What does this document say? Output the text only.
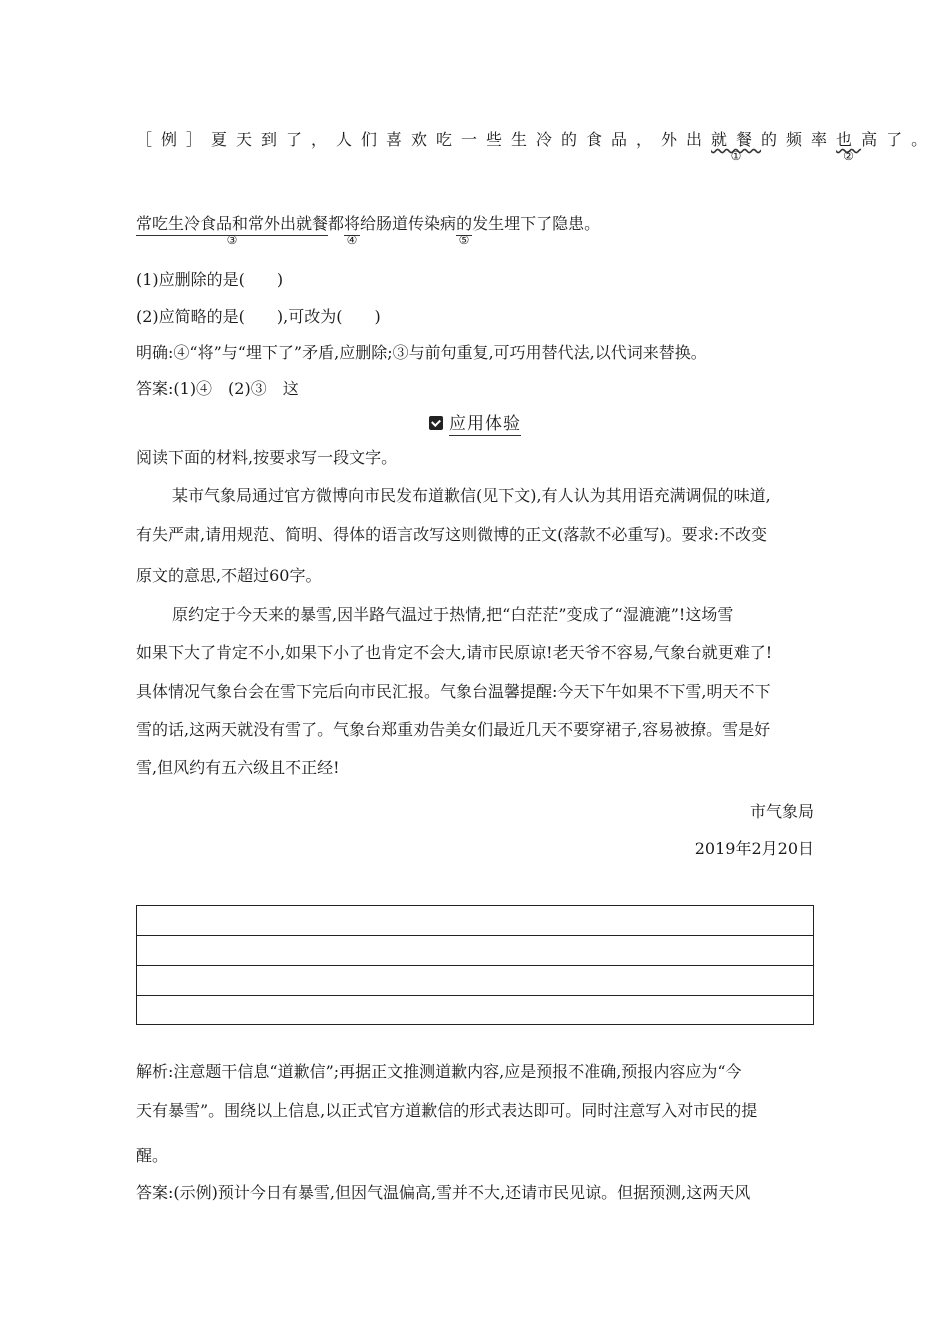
［例］夏天到了，人们喜欢吃一些生冷的食品，外出就餐
①
的频率也
②
高了。
常吃生冷食品和常外出就餐
③
都将
④
给肠道传染病的
⑤
发生埋下了隐患。
(1)应删除的是(　　)
(2)应简略的是(　　),可改为(　　)
明确:④“将”与“埋下了”矛盾,应删除;③与前句重复,可巧用替代法,以代词来替换。
答案:(1)④　(2)③　这
应用体验
阅读下面的材料,按要求写一段文字。
某市气象局通过官方微博向市民发布道歉信(见下文),有人认为其用语充满调侃的味道,
有失严肃,请用规范、简明、得体的语言改写这则微博的正文(落款不必重写)。要求:不改变
原文的意思,不超过60字。
原约定于今天来的暴雪,因半路气温过于热情,把“白茫茫”变成了“湿漉漉”!这场雪
如果下大了肯定不小,如果下小了也肯定不会大,请市民原谅!老天爷不容易,气象台就更难了!
具体情况气象台会在雪下完后向市民汇报。气象台温馨提醒:今天下午如果不下雪,明天不下
雪的话,这两天就没有雪了。气象台郑重劝告美女们最近几天不要穿裙子,容易被撩。雪是好
雪,但风约有五六级且不正经!
市气象局
2019年2月20日
解析:注意题干信息“道歉信”;再据正文推测道歉内容,应是预报不准确,预报内容应为“今
天有暴雪”。围绕以上信息,以正式官方道歉信的形式表达即可。同时注意写入对市民的提
醒。
答案:(示例)预计今日有暴雪,但因气温偏高,雪并不大,还请市民见谅。但据预测,这两天风
